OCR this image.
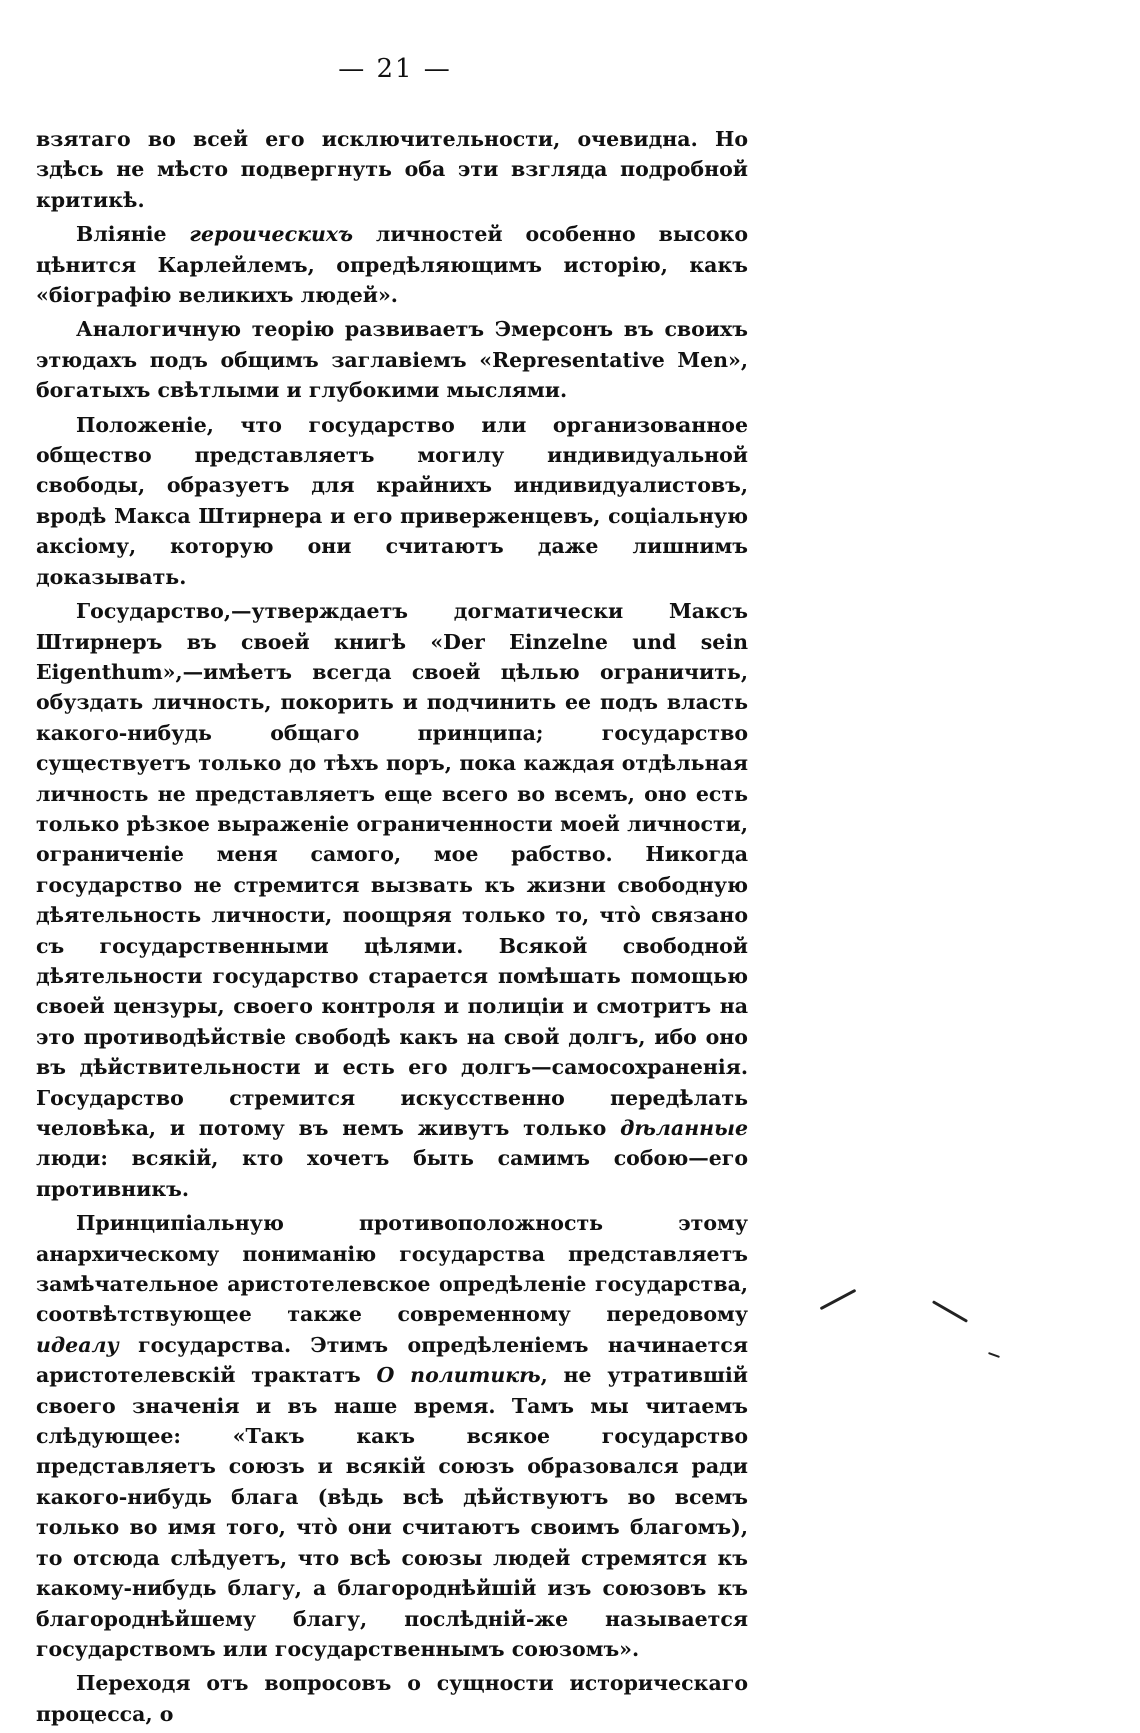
— 21 —

взятаго во всей его исключительности, очевидна. Но здѣсь не мѣсто подвергнуть оба эти взгляда подробной критикѣ.

Вліяніе героическихъ личностей особенно высоко цѣнится Карлейлемъ, опредѣляющимъ исторію, какъ «біографію великихъ людей».

Аналогичную теорію развиваетъ Эмерсонъ въ своихъ этюдахъ подъ общимъ заглавіемъ «Representative Men», богатыхъ свѣтлыми и глубокими мыслями.

Положеніе, что государство или организованное общество представляетъ могилу индивидуальной свободы, образуетъ для крайнихъ индивидуалистовъ, вродѣ Макса Штирнера и его приверженцевъ, соціальную аксіому, которую они считаютъ даже лишнимъ доказывать.

Государство,—утверждаетъ догматически Максъ Штирнеръ въ своей книгѣ «Der Einzelne und sein Eigenthum»,—имѣетъ всегда своей цѣлью ограничить, обуздать личность, покорить и подчинить ее подъ власть какого-нибудь общаго принципа; государство существуетъ только до тѣхъ поръ, пока каждая отдѣльная личность не представляетъ еще всего во всемъ, оно есть только рѣзкое выраженіе ограниченности моей личности, ограниченіе меня самого, мое рабство. Никогда государство не стремится вызвать къ жизни свободную дѣятельность личности, поощряя только то, что̀ связано съ государственными цѣлями. Всякой свободной дѣятельности государство старается помѣшать помощью своей цензуры, своего контроля и полиціи и смотритъ на это противодѣйствіе свободѣ какъ на свой долгъ, ибо оно въ дѣйствительности и есть его долгъ—самосохраненія. Государство стремится искусственно передѣлать человѣка, и потому въ немъ живутъ только дѣланные люди: всякій, кто хочетъ быть самимъ собою—его противникъ.

Принципіальную противоположность этому анархическому пониманію государства представляетъ замѣчательное аристотелевское опредѣленіе государства, соотвѣтствующее также современному передовому идеалу государства. Этимъ опредѣленіемъ начинается аристотелевскій трактатъ О политикѣ, не утратившій своего значенія и въ наше время. Тамъ мы читаемъ слѣдующее: «Такъ какъ всякое государство представляетъ союзъ и всякій союзъ образовался ради какого-нибудь блага (вѣдь всѣ дѣйствуютъ во всемъ только во имя того, что̀ они считаютъ своимъ благомъ), то отсюда слѣдуетъ, что всѣ союзы людей стремятся къ какому-нибудь благу, а благороднѣйшій изъ союзовъ къ благороднѣйшему благу, послѣдній-же называется государствомъ или государственнымъ союзомъ».

Переходя отъ вопросовъ о сущности историческаго процесса, о
